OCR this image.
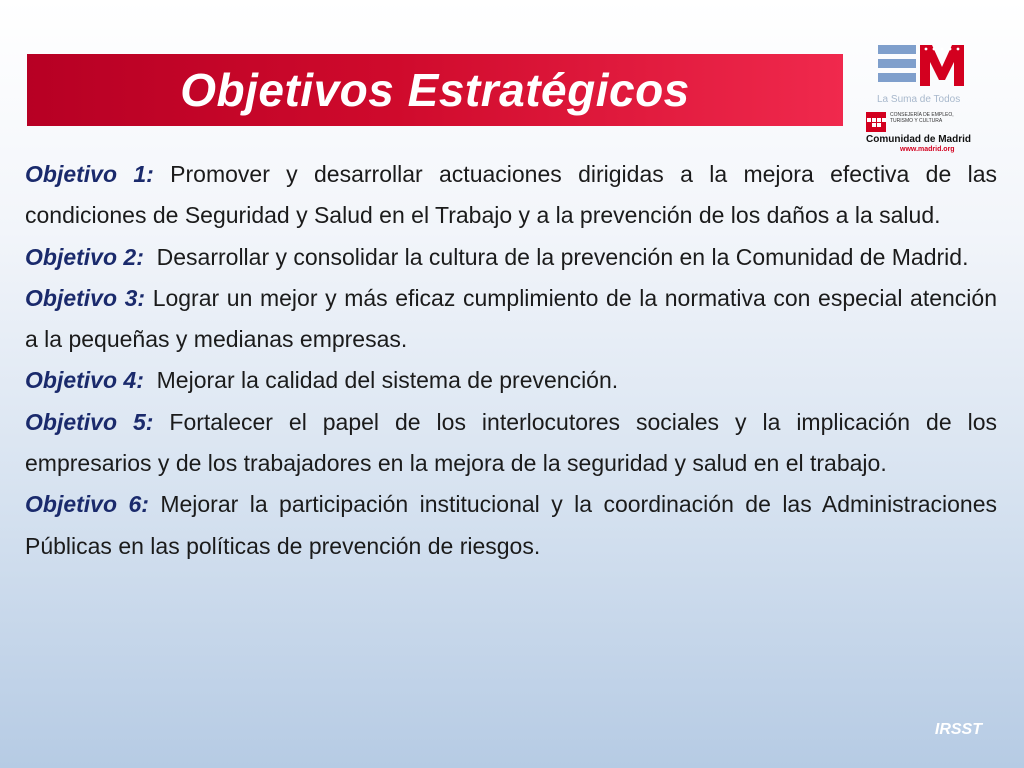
Objetivos Estratégicos	La Suma de Todos
CONSEJERÍA DE EMPLEO, TURISMO Y CULTURA
Comunidad de Madrid
www.madrid.org

Objetivo 1: Promover y desarrollar actuaciones dirigidas a la mejora efectiva de las condiciones de Seguridad y Salud en el Trabajo y a la prevención de los daños a la salud.

Objetivo 2: Desarrollar y consolidar la cultura de la prevención en la Comunidad de Madrid.

Objetivo 3: Lograr un mejor y más eficaz cumplimiento de la normativa con especial atención a la pequeñas y medianas empresas.

Objetivo 4: Mejorar la calidad del sistema de prevención.

Objetivo 5: Fortalecer el papel de los interlocutores sociales y la implicación de los empresarios y de los trabajadores en la mejora de la seguridad y salud en el trabajo.

Objetivo 6: Mejorar la participación institucional y la coordinación de las Administraciones Públicas en las políticas de prevención de riesgos.

IRSST
